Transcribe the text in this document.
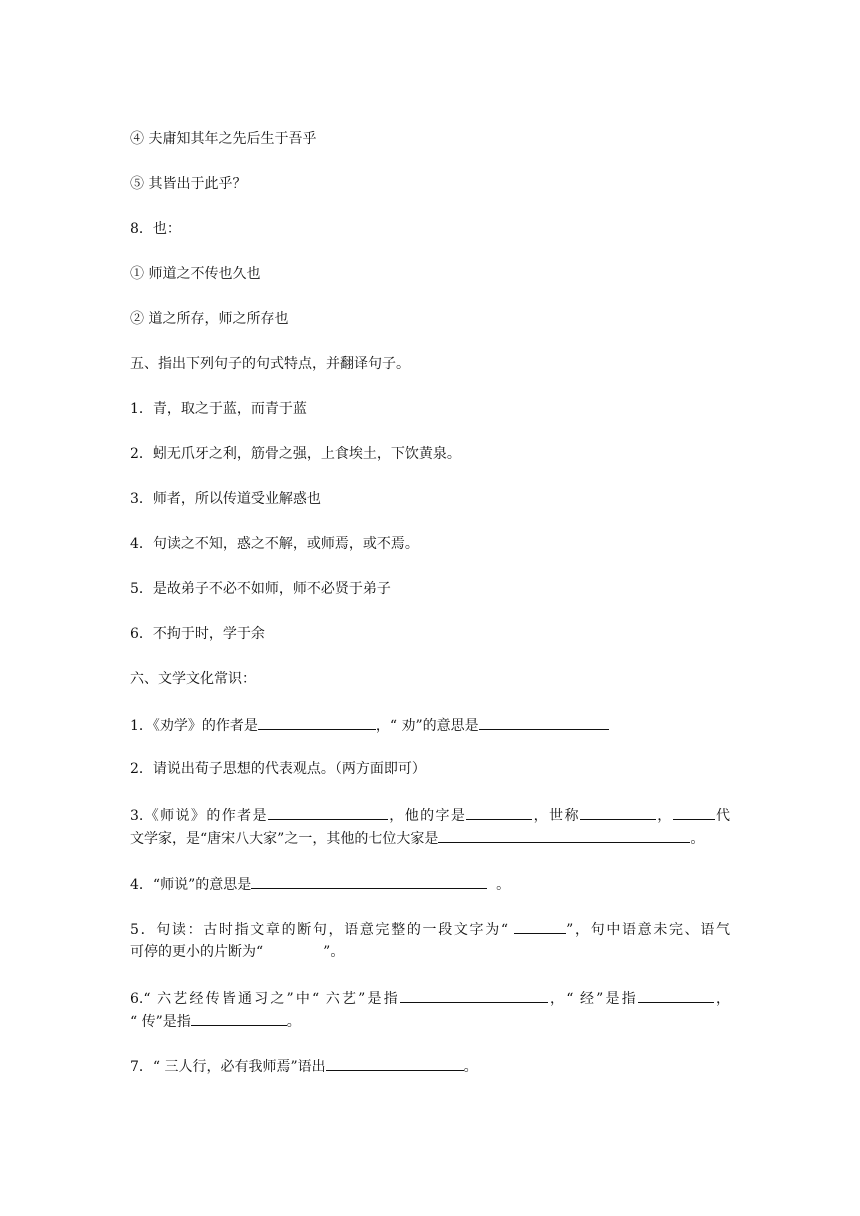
④ 夫庸知其年之先后生于吾乎
⑤ 其皆出于此乎？
8．也：
① 师道之不传也久也
② 道之所存，师之所存也
五、指出下列句子的句式特点，并翻译句子。
1．青，取之于蓝，而青于蓝
2．蚓无爪牙之利，筋骨之强，上食埃土，下饮黄泉。
3．师者，所以传道受业解惑也
4．句读之不知，惑之不解，或师焉，或不焉。
5．是故弟子不必不如师，师不必贤于弟子
6．不拘于时，学于余
六、文学文化常识：
1．《劝学》的作者是	，“ 劝”的意思是
2．请说出荀子思想的代表观点。（两方面即可）
3.《师说》的作者是	，他的字是	，世称	，	代
文学家，是“唐宋八大家”之一，其他的七位大家是	。
4．“师说”的意思是	。
5．句读：古时指文章的断句，语意完整的一段文字为“	”，句中语意未完、语气
可停的更小的片断为“	”。
6.“ 六艺经传皆通习之”中“ 六艺”是指	，“ 经”是指	，
“ 传”是指	。
7．“ 三人行，必有我师焉”语出	。
